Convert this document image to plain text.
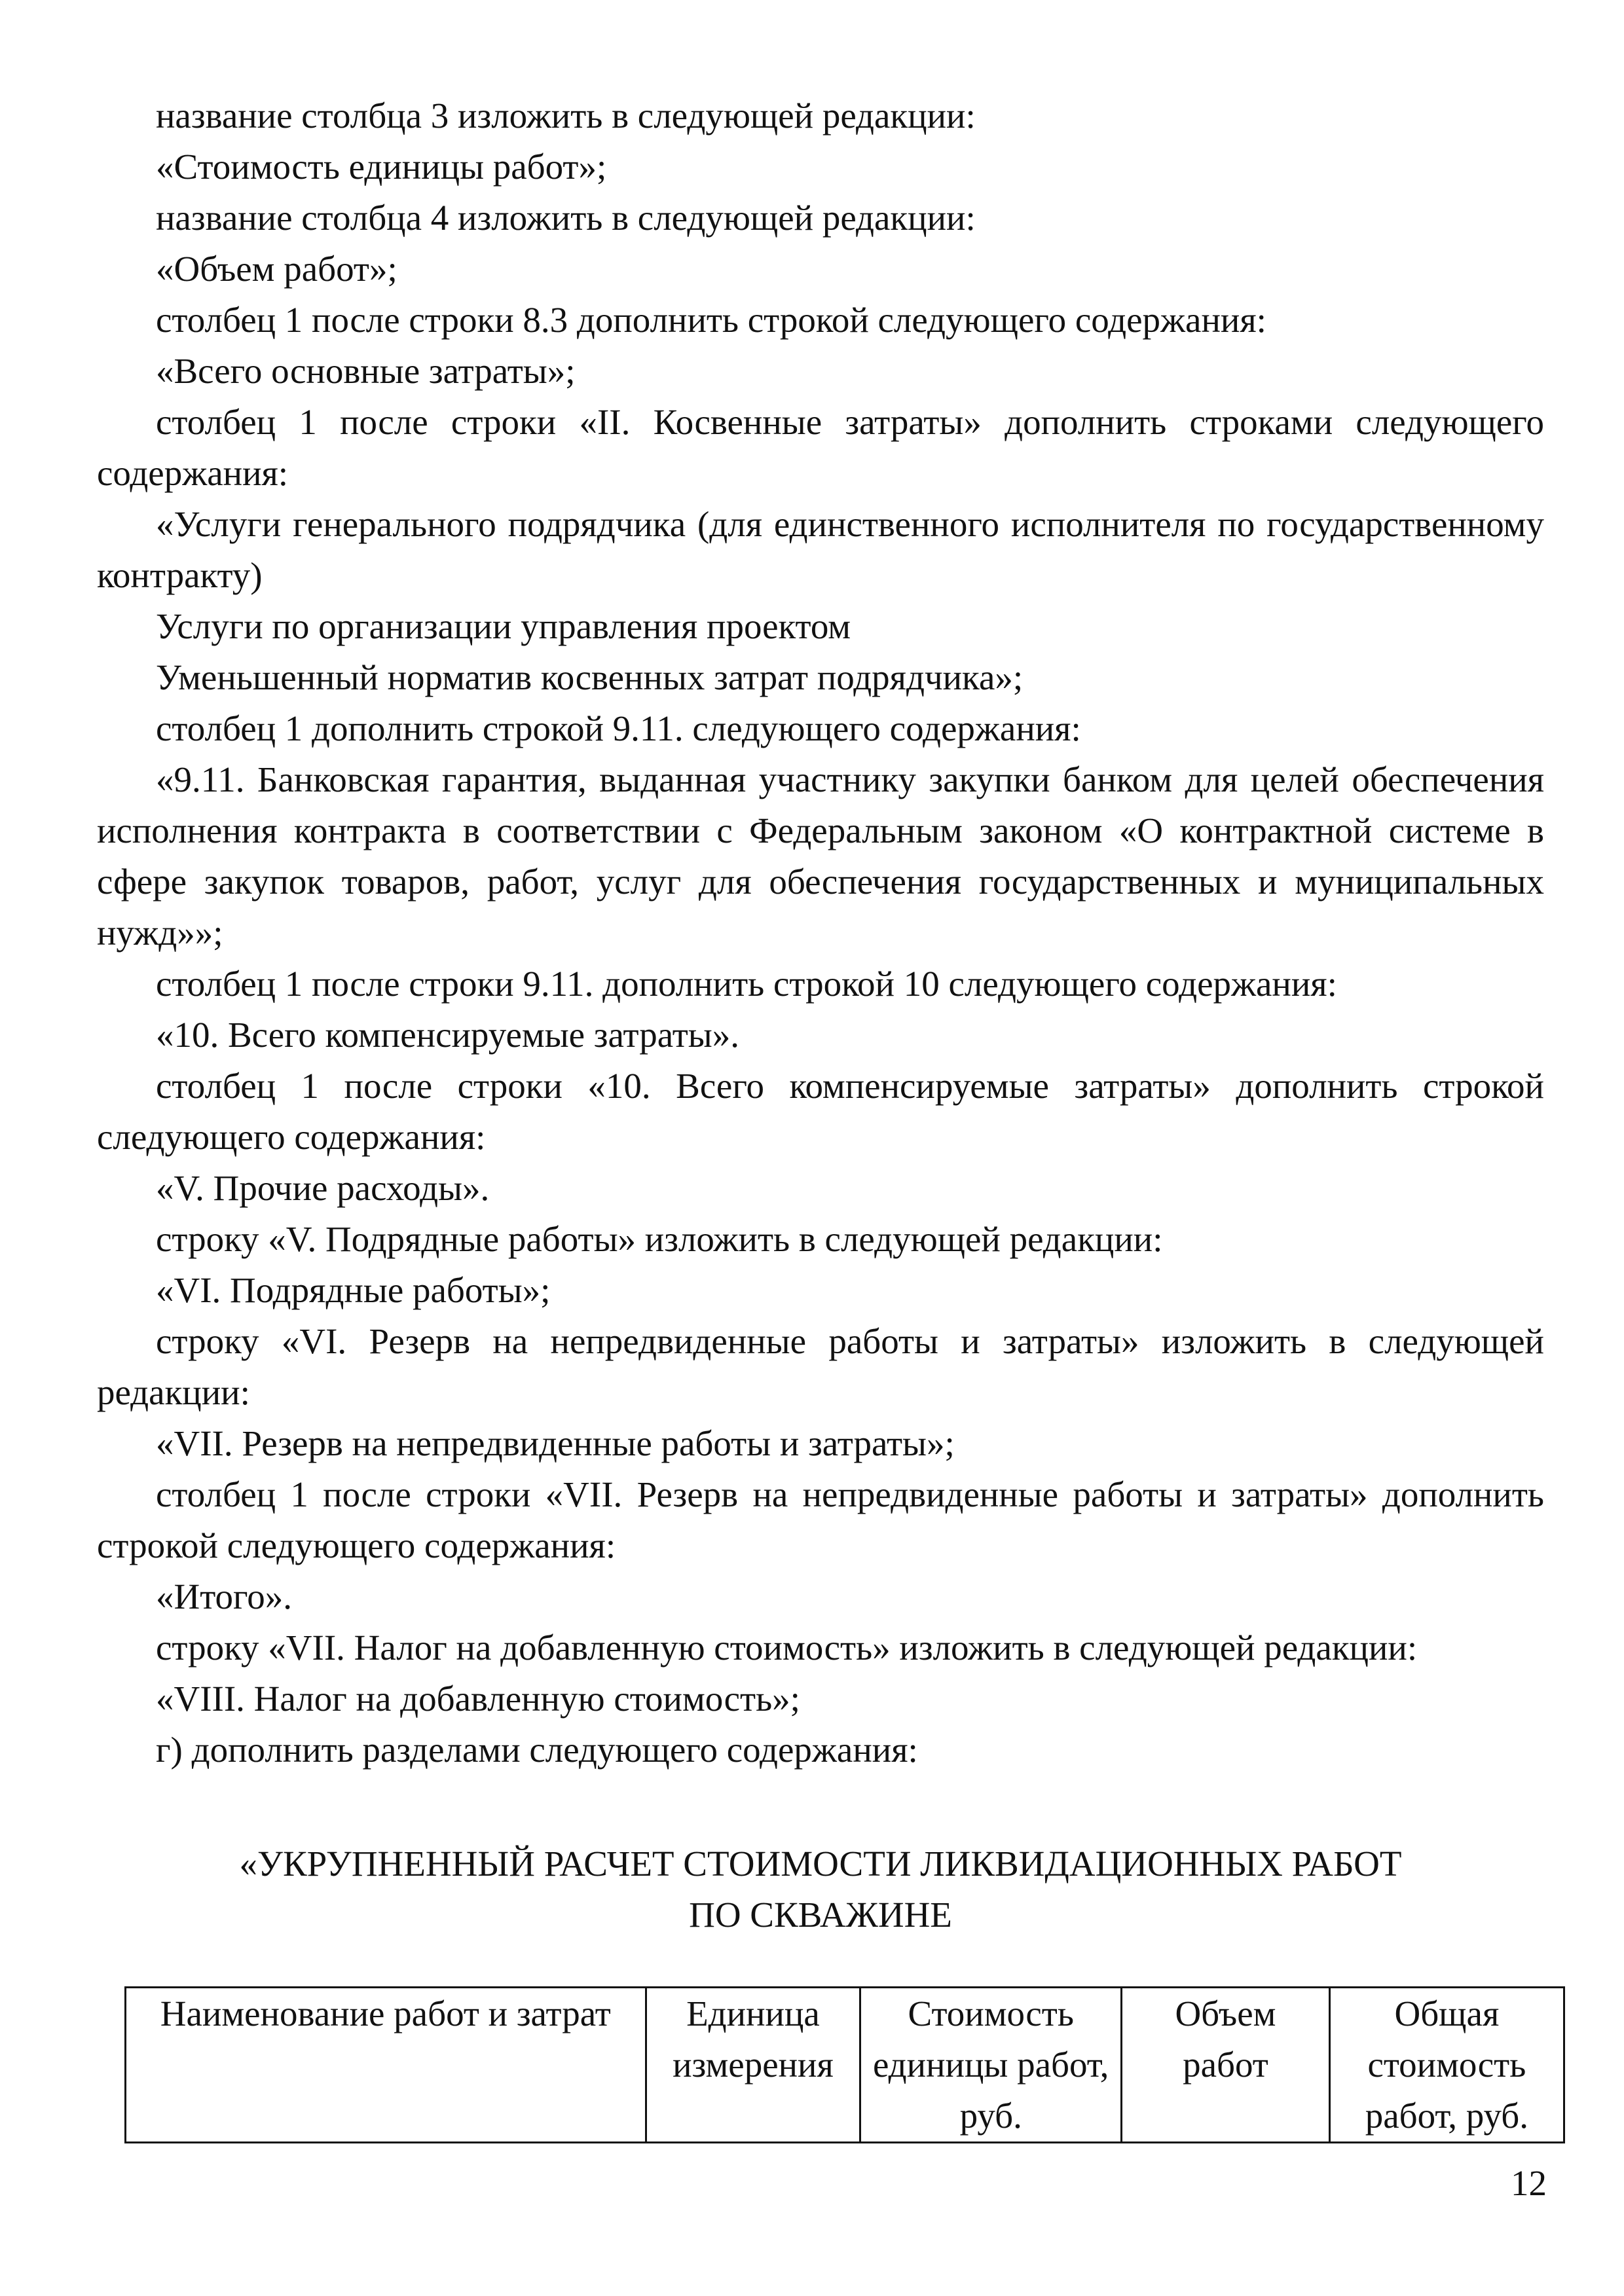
название столбца 3 изложить в следующей редакции:

«Стоимость единицы работ»;

название столбца 4 изложить в следующей редакции:

«Объем работ»;

столбец 1 после строки 8.3 дополнить строкой следующего содержания:

«Всего основные затраты»;

столбец 1 после строки «II. Косвенные затраты» дополнить строками следующего содержания:

«Услуги генерального подрядчика (для единственного исполнителя по государственному контракту)

Услуги по организации управления проектом

Уменьшенный норматив косвенных затрат подрядчика»;

столбец 1 дополнить строкой 9.11. следующего содержания:

«9.11. Банковская гарантия, выданная участнику закупки банком для целей обеспечения исполнения контракта в соответствии с Федеральным законом «О контрактной системе в сфере закупок товаров, работ, услуг для обеспечения государственных и муниципальных нужд»»;

столбец 1 после строки 9.11. дополнить строкой 10 следующего содержания:

«10. Всего компенсируемые затраты».

столбец 1 после строки «10. Всего компенсируемые затраты» дополнить строкой следующего содержания:

«V. Прочие расходы».

строку «V. Подрядные работы» изложить в следующей редакции:

«VI. Подрядные работы»;

строку «VI. Резерв на непредвиденные работы и затраты» изложить в следующей редакции:

«VII. Резерв на непредвиденные работы и затраты»;

столбец 1 после строки «VII. Резерв на непредвиденные работы и затраты» дополнить строкой следующего содержания:

«Итого».

строку «VII. Налог на добавленную стоимость» изложить в следующей редакции:

«VIII. Налог на добавленную стоимость»;

г) дополнить разделами следующего содержания:

«УКРУПНЕННЫЙ РАСЧЕТ СТОИМОСТИ ЛИКВИДАЦИОННЫХ РАБОТ
ПО СКВАЖИНЕ
Наименование работ и затрат	Единица измерения	Стоимость единицы работ, руб.	Объем работ	Общая стоимость работ, руб.
12
